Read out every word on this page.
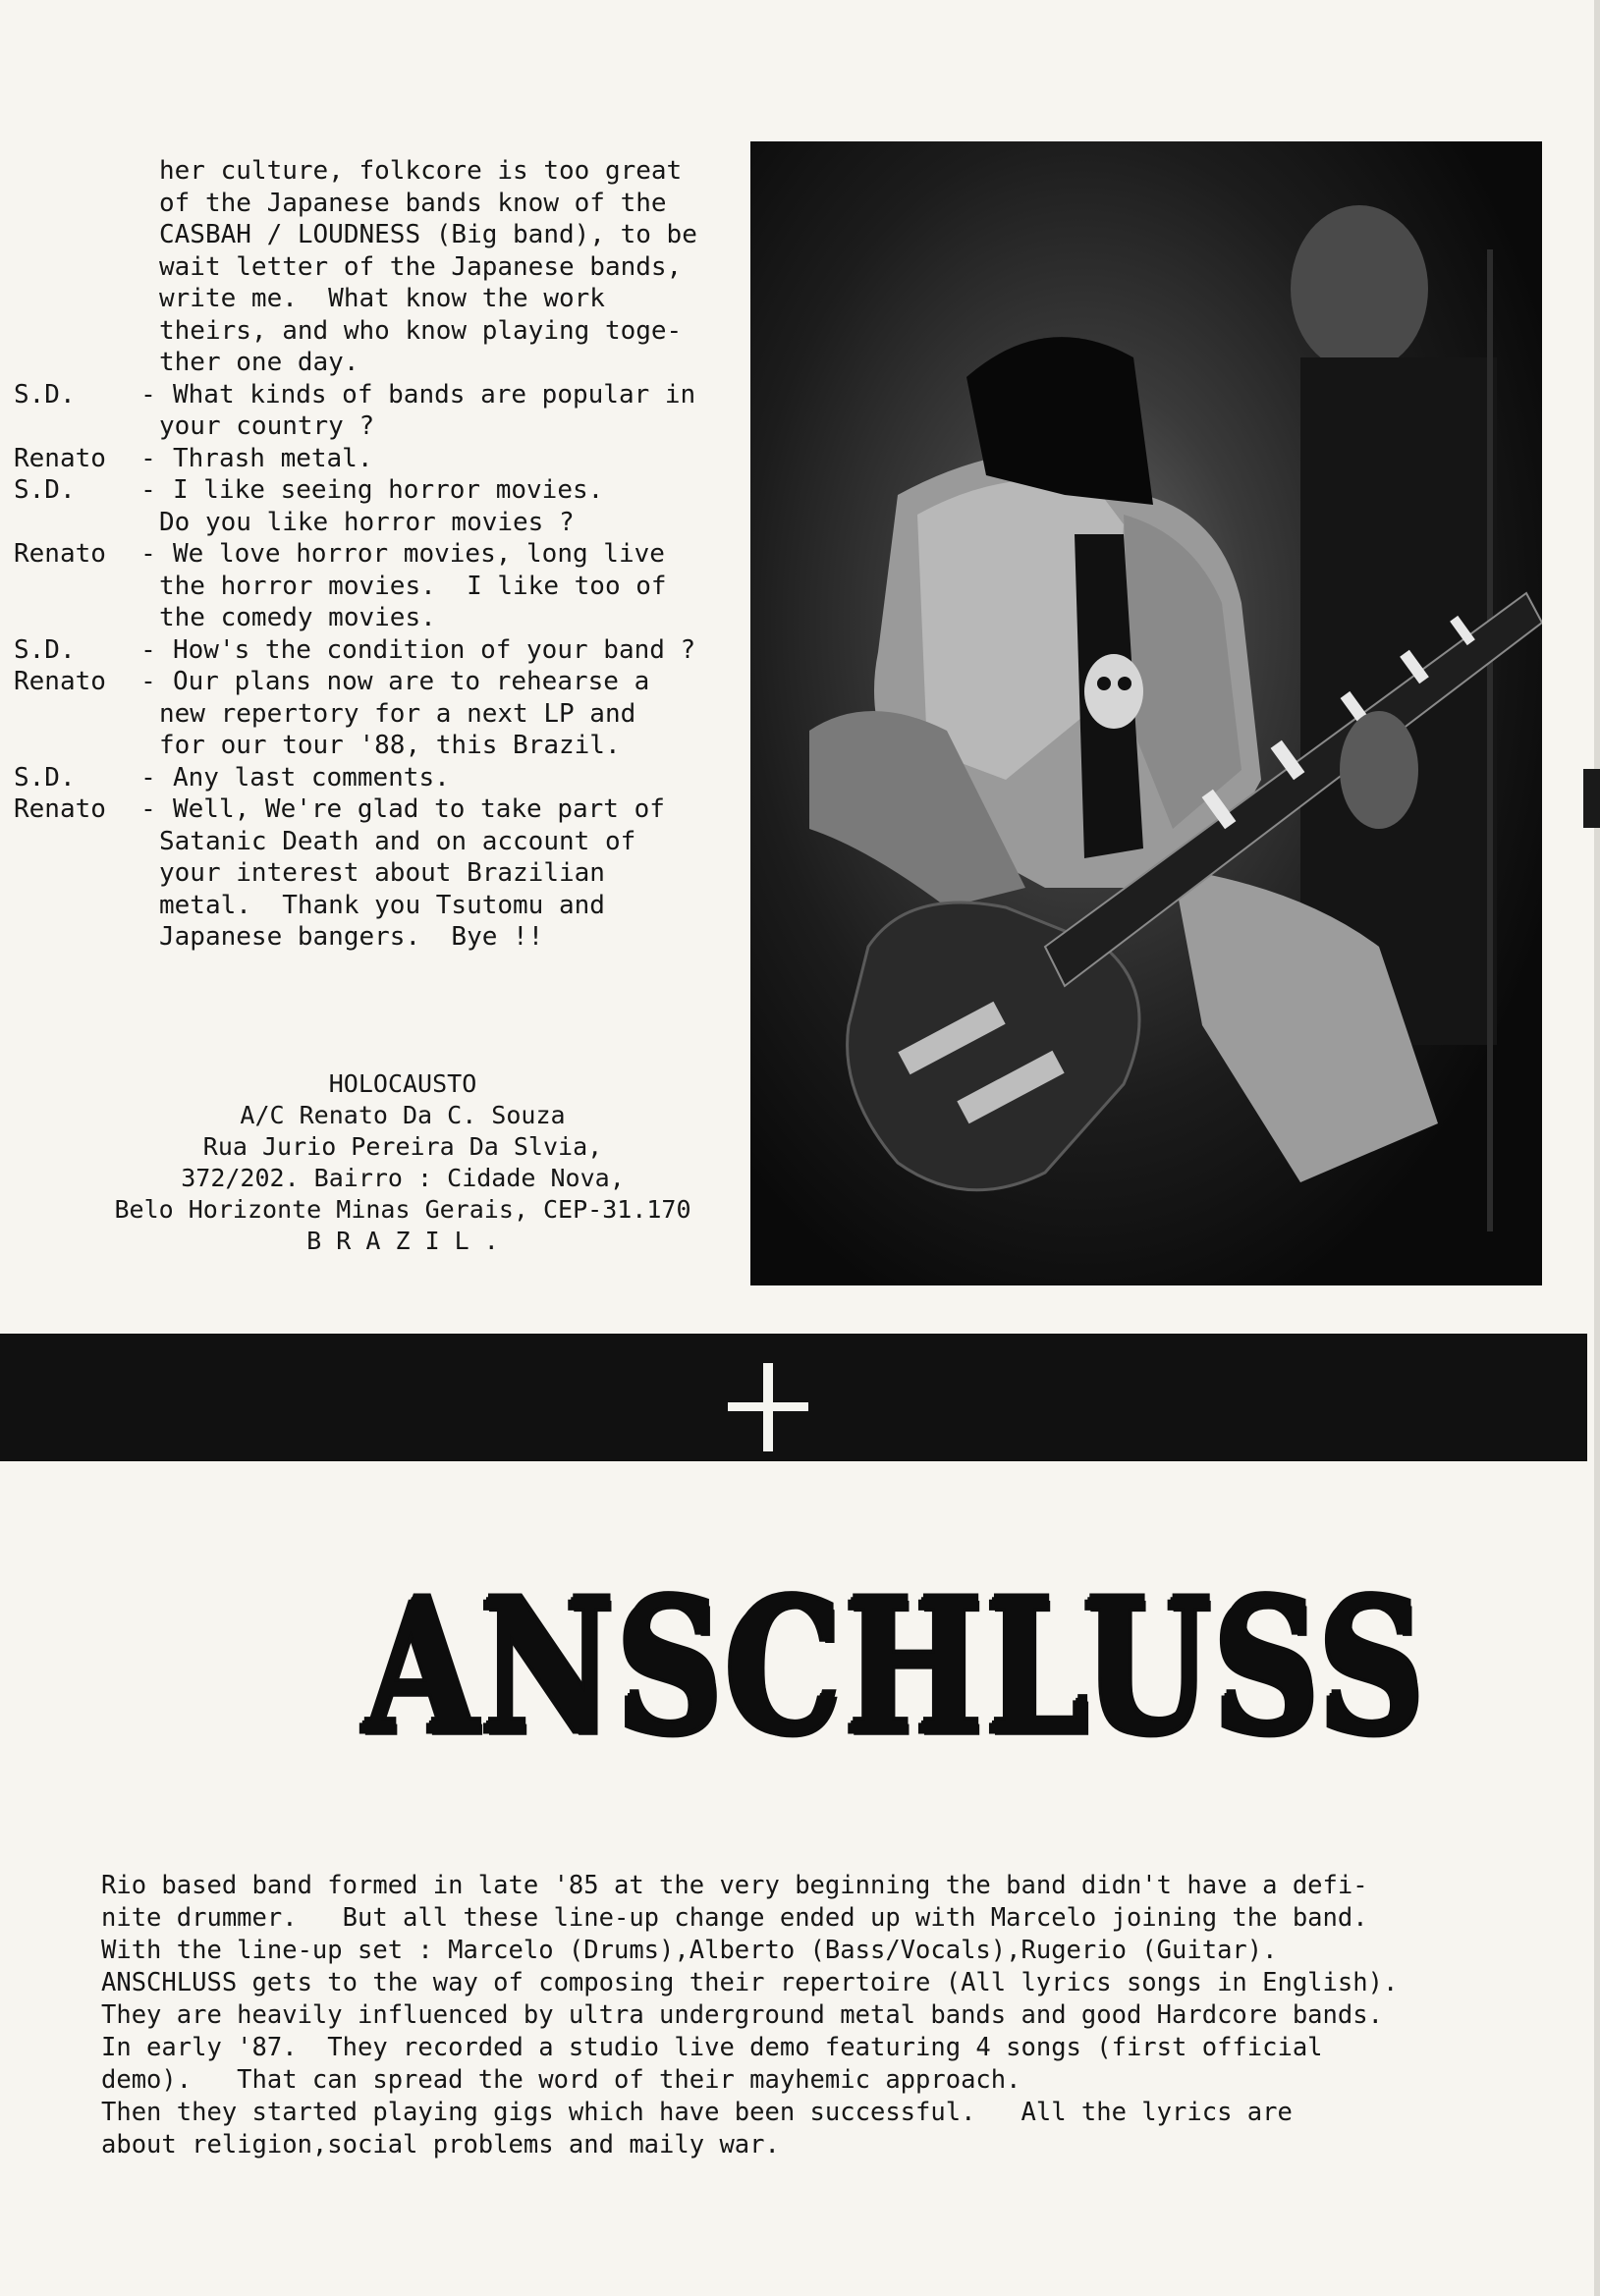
her culture, folkcore is too great
of the Japanese bands know of the
CASBAH / LOUDNESS (Big band), to be
wait letter of the Japanese bands,
write me.  What know the work
theirs, and who know playing toge-
ther one day.
S.D.	- What kinds of bands are popular in
your country ?
Renato	- Thrash metal.
S.D.	- I like seeing horror movies.
Do you like horror movies ?
Renato	- We love horror movies, long live
the horror movies.  I like too of
the comedy movies.
S.D.	- How's the condition of your band ?
Renato	- Our plans now are to rehearse a
new repertory for a next LP and
for our tour '88, this Brazil.
S.D.	- Any last comments.
Renato	- Well, We're glad to take part of
Satanic Death and on account of
your interest about Brazilian
metal.  Thank you Tsutomu and
Japanese bangers.  Bye !!
HOLOCAUSTO
A/C Renato Da C. Souza
Rua Jurio Pereira Da Slvia,
372/202. Bairro : Cidade Nova,
Belo Horizonte Minas Gerais, CEP-31.170
B R A Z I L .
ANSCHLUSS
Rio based band formed in late '85 at the very beginning the band didn't have a defi-
nite drummer.   But all these line-up change ended up with Marcelo joining the band.
With the line-up set : Marcelo (Drums),Alberto (Bass/Vocals),Rugerio (Guitar).
ANSCHLUSS gets to the way of composing their repertoire (All lyrics songs in English).
They are heavily influenced by ultra underground metal bands and good Hardcore bands.
In early '87.  They recorded a studio live demo featuring 4 songs (first official
demo).   That can spread the word of their mayhemic approach.
Then they started playing gigs which have been successful.   All the lyrics are
about religion,social problems and maily war.
